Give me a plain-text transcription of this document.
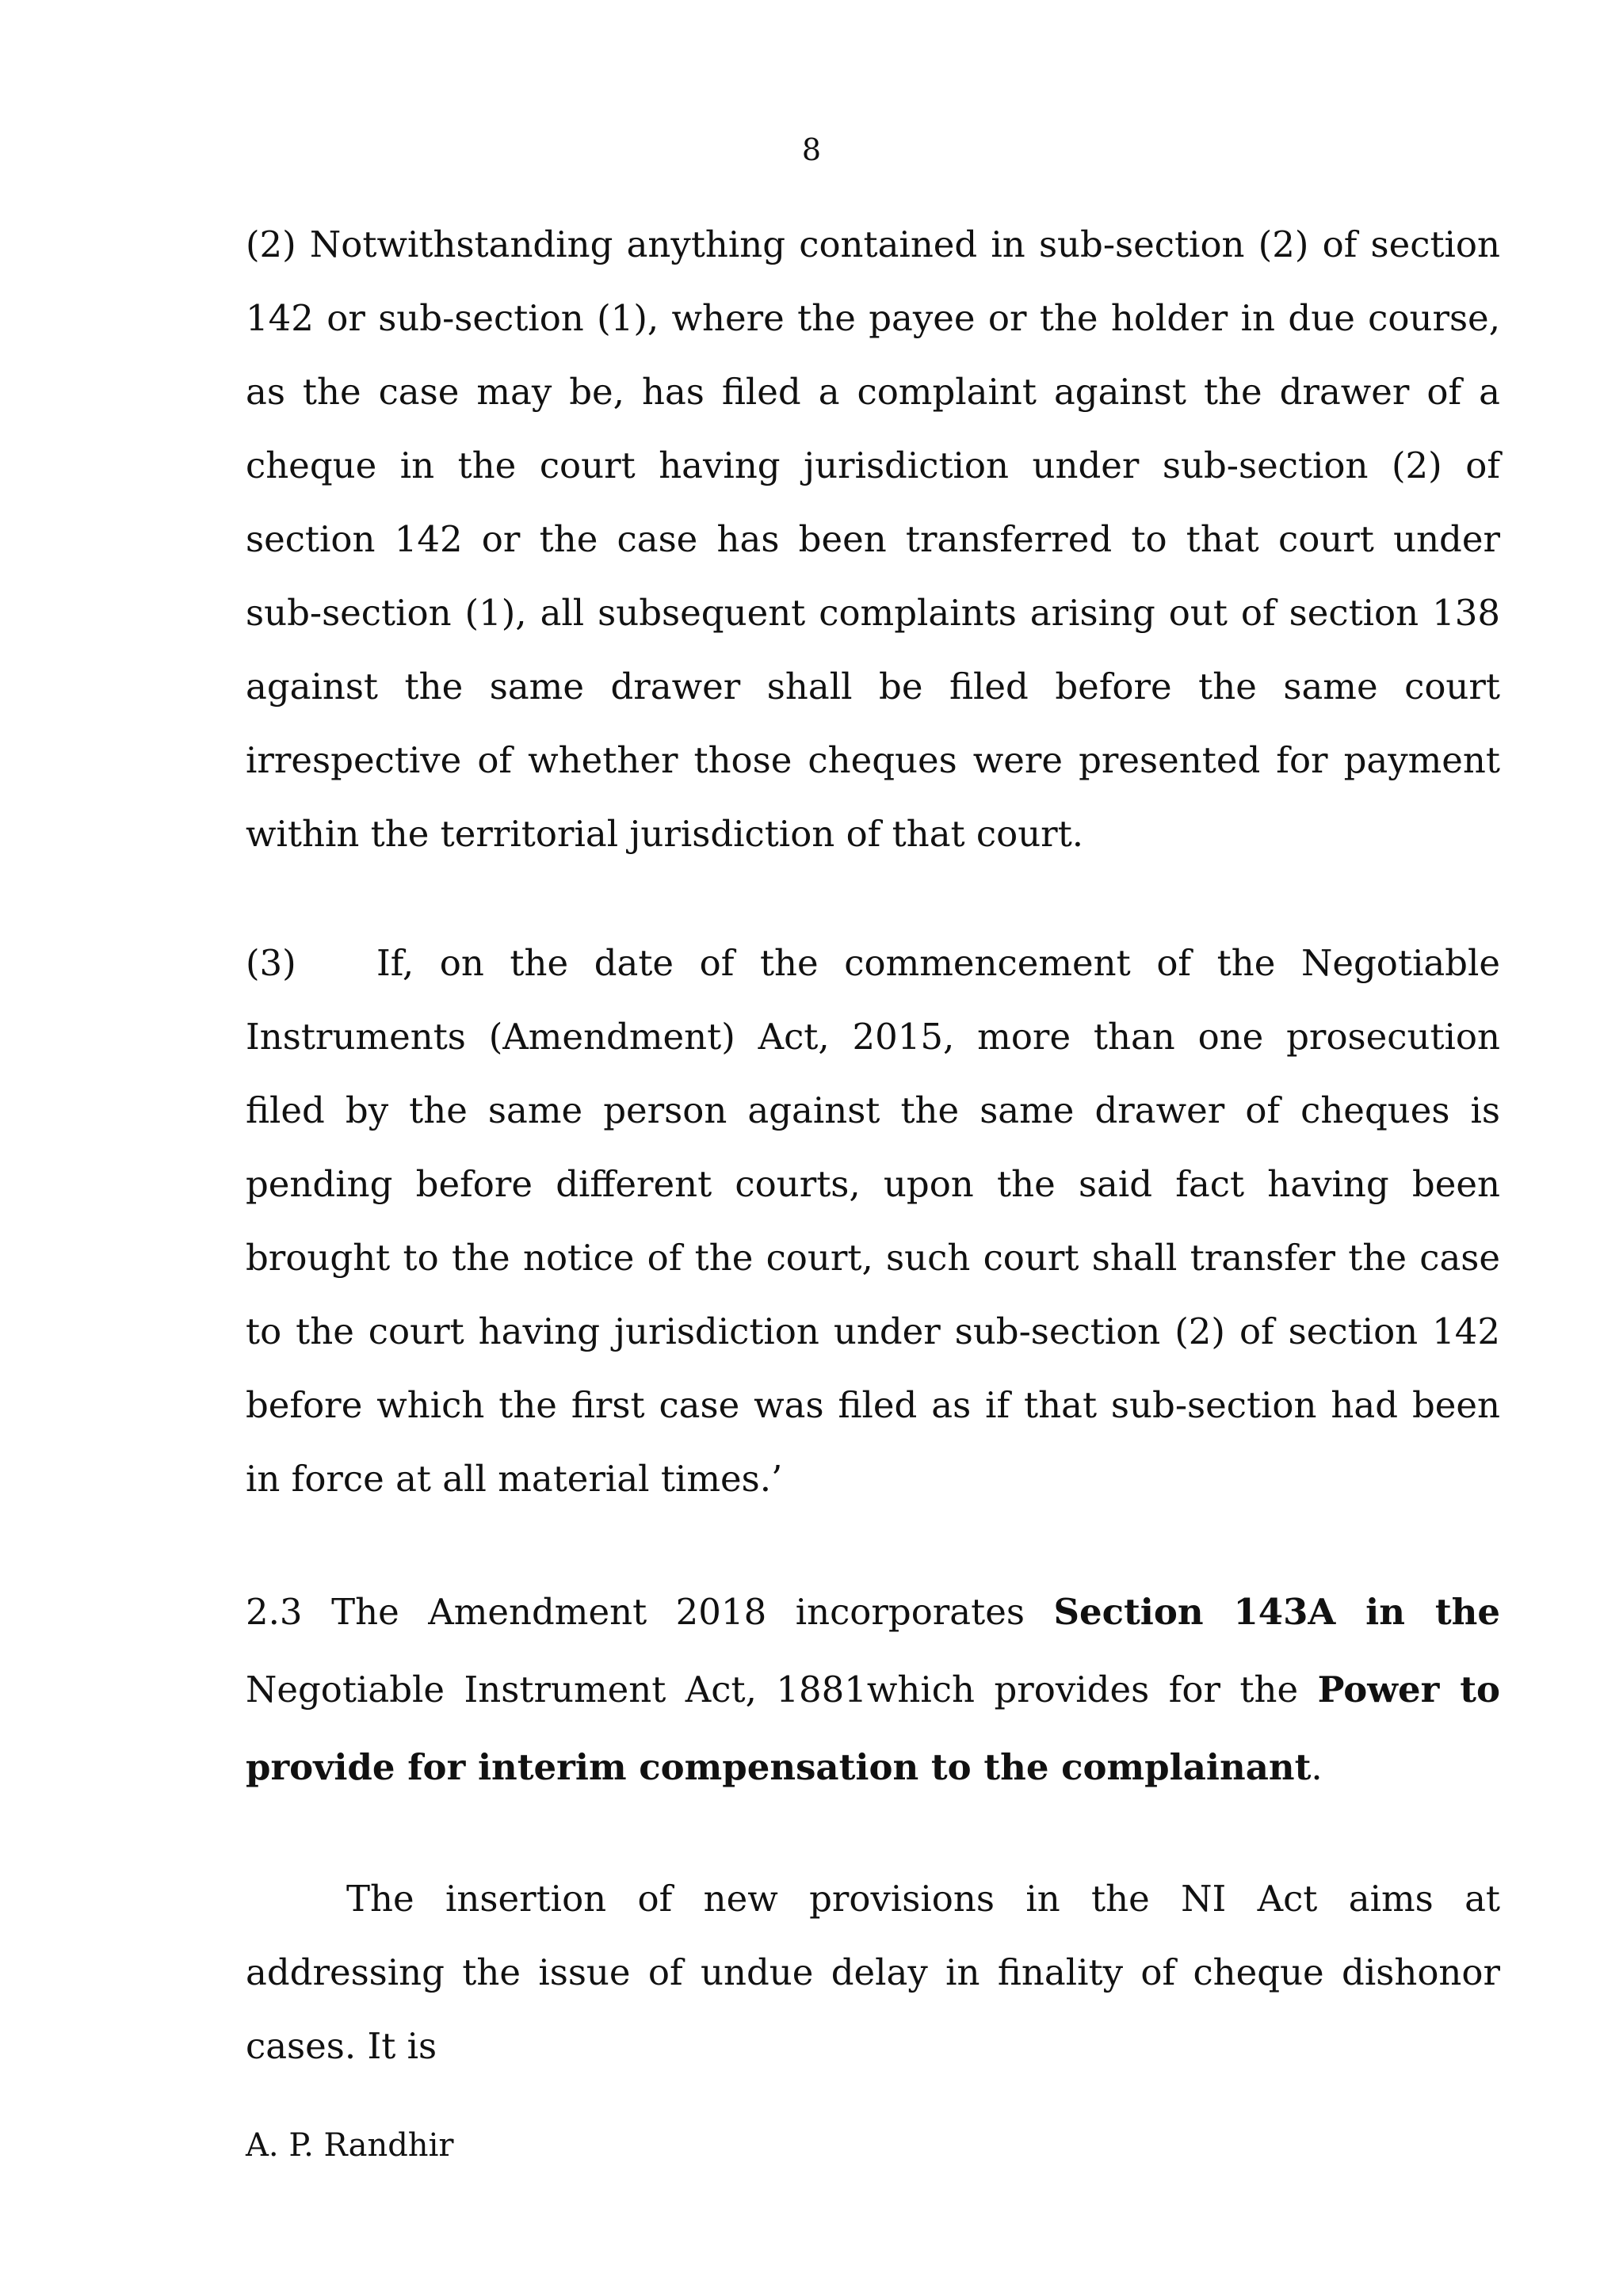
8

(2) Notwithstanding anything contained in sub-section (2) of section 142 or sub-section (1), where the payee or the holder in due course, as the case may be, has filed a complaint against the drawer of a cheque in the court having jurisdiction under sub-section (2) of section 142 or the case has been transferred to that court under sub-section (1), all subsequent complaints arising out of section 138 against the same drawer shall be filed before the same court irrespective of whether those cheques were presented for payment within the territorial jurisdiction of that court.

(3) If, on the date of the commencement of the Negotiable Instruments (Amendment) Act, 2015, more than one prosecution filed by the same person against the same drawer of cheques is pending before different courts, upon the said fact having been brought to the notice of the court, such court shall transfer the case to the court having jurisdiction under sub-section (2) of section 142 before which the first case was filed as if that sub-section had been in force at all material times.’

2.3 The Amendment 2018 incorporates Section 143A in the Negotiable Instrument Act, 1881which provides for the Power to provide for interim compensation to the complainant.

The insertion of new provisions in the NI Act aims at addressing the issue of undue delay in finality of cheque dishonor cases. It is

A. P. Randhir
